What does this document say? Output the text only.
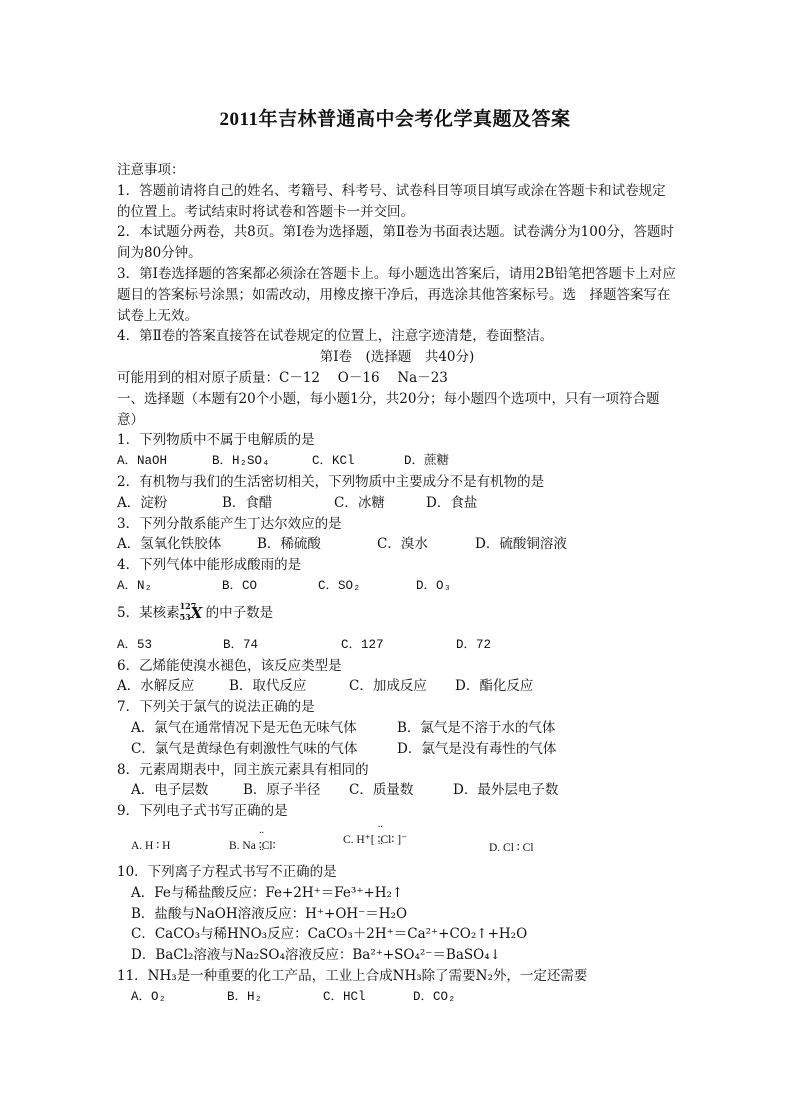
2011年吉林普通高中会考化学真题及答案
注意事项：
1．答题前请将自己的姓名、考籍号、科考号、试卷科目等项目填写或涂在答题卡和试卷规定的位置上。考试结束时将试卷和答题卡一并交回。
2．本试题分两卷，共8页。第Ⅰ卷为选择题，第Ⅱ卷为书面表达题。试卷满分为100分，答题时间为80分钟。
3．第Ⅰ卷选择题的答案都必须涂在答题卡上。每小题选出答案后，请用2B铅笔把答题卡上对应题目的答案标号涂黑；如需改动，用橡皮擦干净后，再选涂其他答案标号。选　择题答案写在试卷上无效。
4．第Ⅱ卷的答案直接答在试卷规定的位置上，注意字迹清楚，卷面整洁。
第Ⅰ卷　(选择题　共40分)
可能用到的相对原子质量：C－12　 O－16　 Na－23
一、选择题（本题有20个小题，每小题1分，共20分；每小题四个选项中，只有一项符合题意）
1．下列物质中不属于电解质的是
A．NaOH	B．H₂SO₄	C．KCl	D．蔗糖
2．有机物与我们的生活密切相关，下列物质中主要成分不是有机物的是
A．淀粉	B．食醋	C．冰糖	D．食盐
3．下列分散系能产生丁达尔效应的是
A．氢氧化铁胶体	B．稀硫酸	C．溴水	D．硫酸铜溶液
4．下列气体中能形成酸雨的是
A．N₂	B．CO	C．SO₂	D．O₃
5．某核素 127
53 X 的中子数是
A．53	B．74	C．127	D．72
6．乙烯能使溴水褪色，该反应类型是
A．水解反应	B．取代反应	C．加成反应 D．酯化反应
7．下列关于氯气的说法正确的是
A．氯气在通常情况下是无色无味气体	B．氯气是不溶于水的气体
C．氯气是黄绿色有刺激性气味的气体	D．氯气是没有毒性的气体
8．元素周期表中，同主族元素具有相同的
A．电子层数	B．原子半径 C．质量数	D．最外层电子数
9．下列电子式书写正确的是
A. H ∶ H	B. Na ·· ∶Cl∶ ··	C. H⁺[ ·· ∶Cl∶ ·· ]⁻
D. Cl ∶ Cl
10．下列离子方程式书写不正确的是
A．Fe与稀盐酸反应：Fe+2H⁺＝Fe³⁺+H₂↑
B．盐酸与NaOH溶液反应：H⁺+OH⁻＝H₂O
C．CaCO₃与稀HNO₃反应：CaCO₃＋2H⁺＝Ca²⁺+CO₂↑+H₂O
D．BaCl₂溶液与Na₂SO₄溶液反应：Ba²⁺+SO₄²⁻＝BaSO₄↓
11．NH₃是一种重要的化工产品，工业上合成NH₃除了需要N₂外，一定还需要
A．O₂	B．H₂	C．HCl	D．CO₂
